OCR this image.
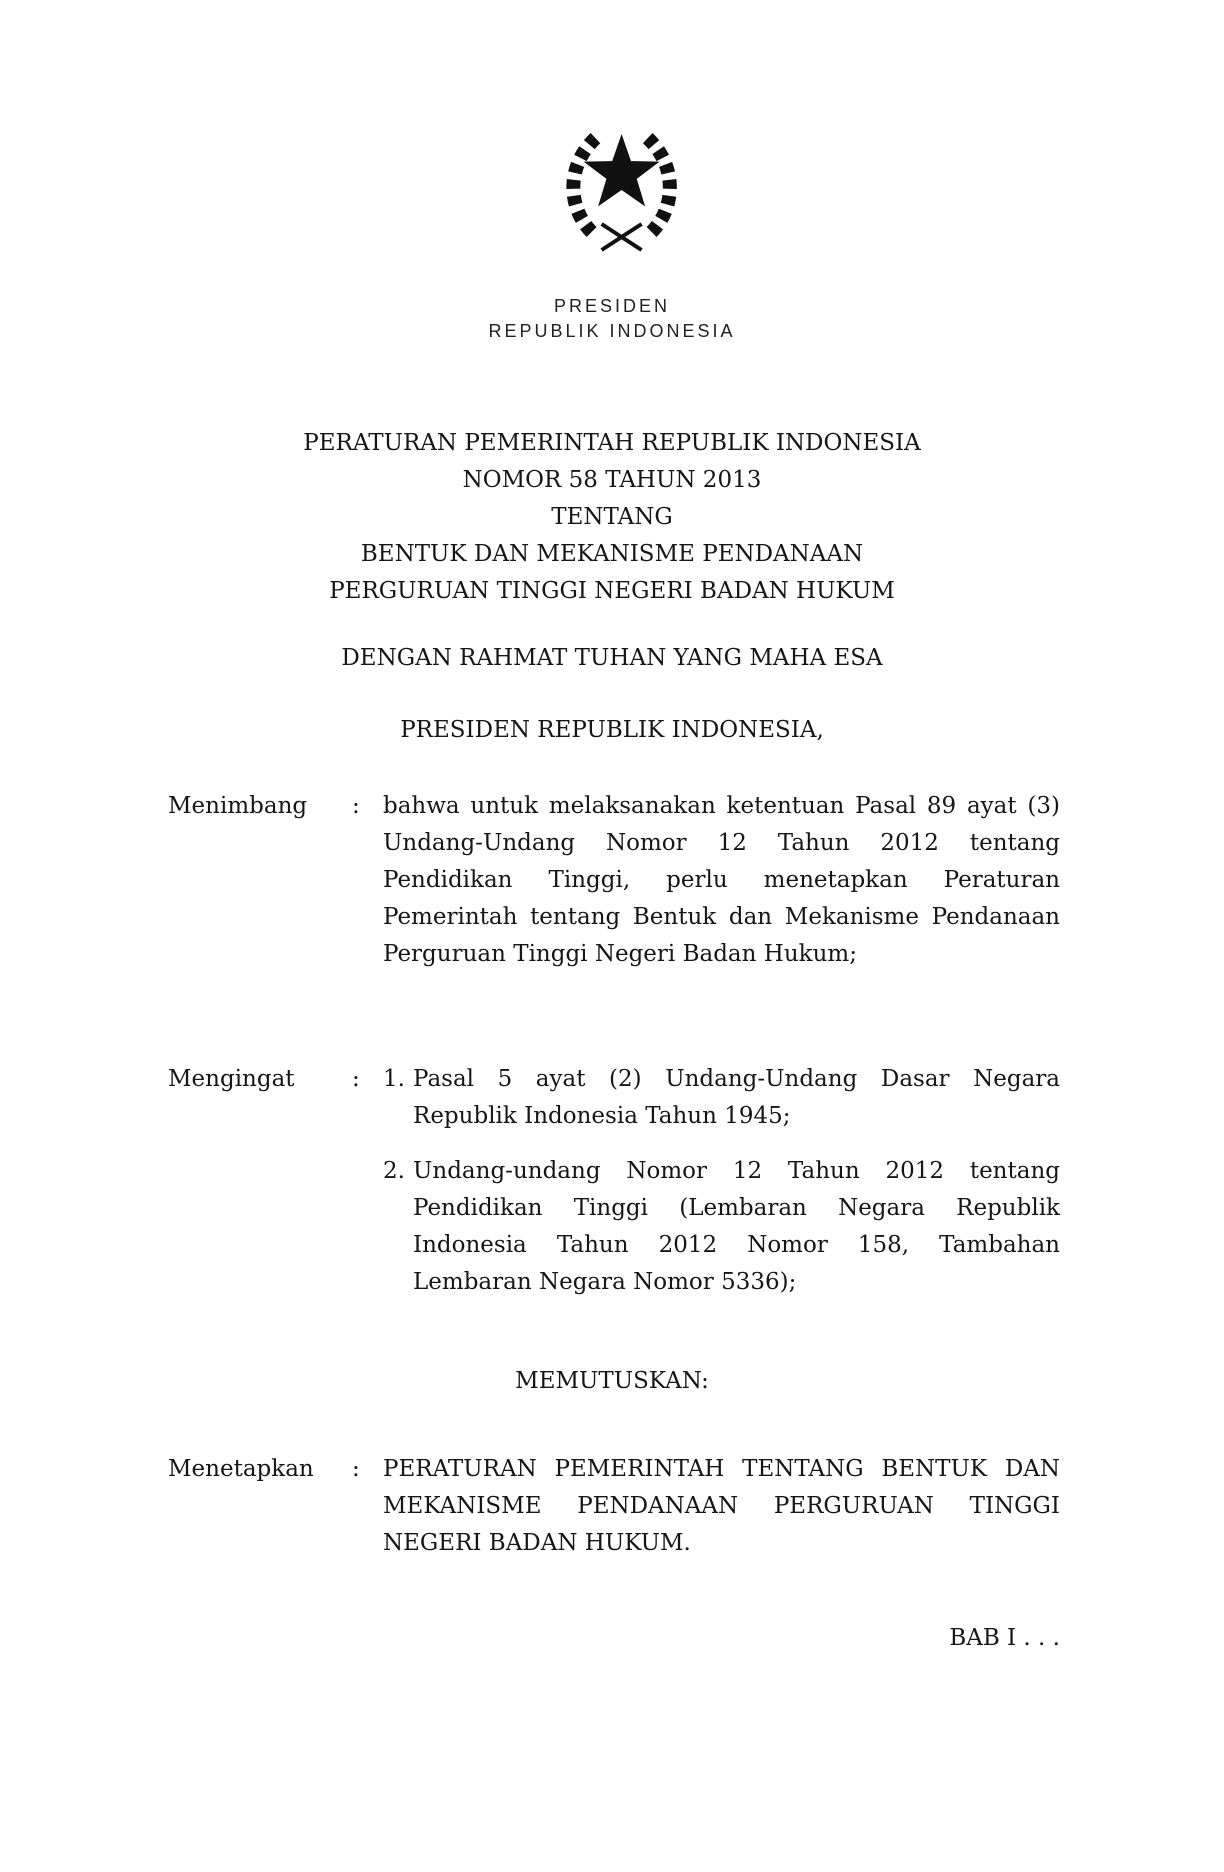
PRESIDEN
REPUBLIK INDONESIA
PERATURAN PEMERINTAH REPUBLIK INDONESIA
NOMOR 58 TAHUN 2013
TENTANG
BENTUK DAN MEKANISME PENDANAAN
PERGURUAN TINGGI NEGERI BADAN HUKUM
DENGAN RAHMAT TUHAN YANG MAHA ESA
PRESIDEN REPUBLIK INDONESIA,
Menimbang	:	bahwa untuk melaksanakan ketentuan Pasal 89 ayat (3)
Undang-Undang Nomor 12 Tahun 2012 tentang
Pendidikan Tinggi, perlu menetapkan Peraturan
Pemerintah tentang Bentuk dan Mekanisme Pendanaan
Perguruan Tinggi Negeri Badan Hukum;
Mengingat	:	1. Pasal 5 ayat (2) Undang-Undang Dasar Negara
Republik Indonesia Tahun 1945;
2. Undang-undang Nomor 12 Tahun 2012 tentang
Pendidikan Tinggi (Lembaran Negara Republik
Indonesia Tahun 2012 Nomor 158, Tambahan
Lembaran Negara Nomor 5336);
MEMUTUSKAN:
Menetapkan	:	PERATURAN PEMERINTAH TENTANG BENTUK DAN
MEKANISME PENDANAAN PERGURUAN TINGGI
NEGERI BADAN HUKUM.
BAB I . . .
